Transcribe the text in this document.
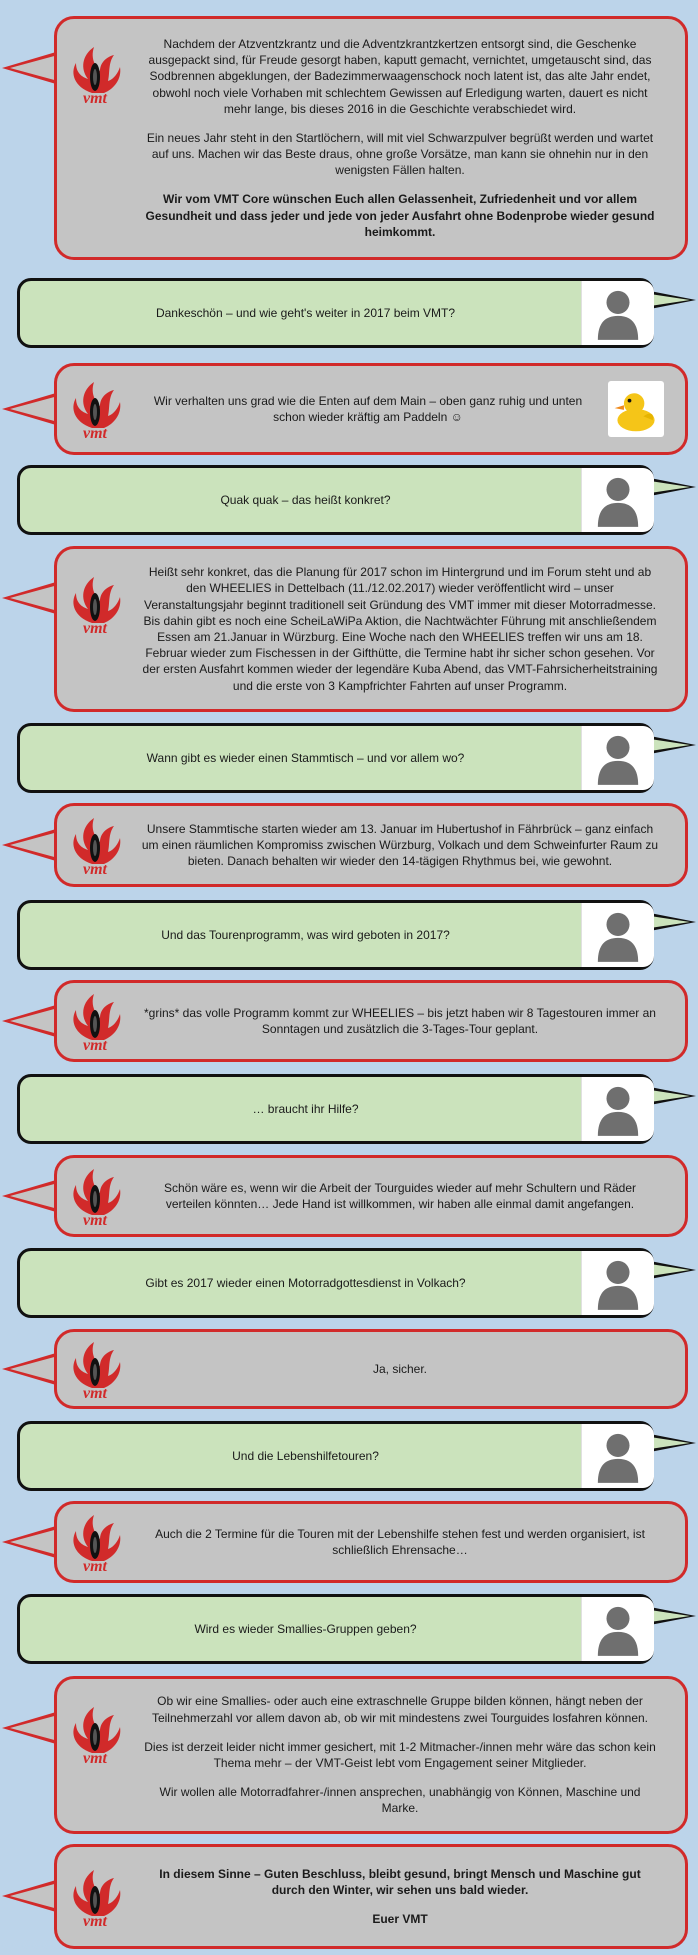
Nachdem der Atzventzkrantz und die Adventzkrantzkertzen entsorgt sind, die Geschenke ausgepackt sind, für Freude gesorgt haben, kaputt gemacht, vernichtet, umgetauscht sind, das Sodbrennen abgeklungen, der Badezimmerwaagenschock noch latent ist, das alte Jahr endet, obwohl noch viele Vorhaben mit schlechtem Gewissen auf Erledigung warten, dauert es nicht mehr lange, bis dieses 2016 in die Geschichte verabschiedet wird.

Ein neues Jahr steht in den Startlöchern, will mit viel Schwarzpulver begrüßt werden und wartet auf uns. Machen wir das Beste draus, ohne große Vorsätze, man kann sie ohnehin nur in den wenigsten Fällen halten.

Wir vom VMT Core wünschen Euch allen Gelassenheit, Zufriedenheit und vor allem Gesundheit und dass jeder und jede von jeder Ausfahrt ohne Bodenprobe wieder gesund heimkommt.

vmt

Dankeschön – und wie geht's weiter in 2017 beim VMT?

Wir verhalten uns grad wie die Enten auf dem Main – oben ganz ruhig und unten schon wieder kräftig am Paddeln ☺

vmt

Quak quak – das heißt konkret?

Heißt sehr konkret, das die Planung für 2017 schon im Hintergrund und im Forum steht und ab den WHEELIES in Dettelbach (11./12.02.2017) wieder veröffentlicht wird – unser Veranstaltungsjahr beginnt traditionell seit Gründung des VMT immer mit dieser Motorradmesse. Bis dahin gibt es noch eine ScheiLaWiPa Aktion, die Nachtwächter Führung mit anschließendem Essen am 21.Januar in Würzburg. Eine Woche nach den WHEELIES treffen wir uns am 18. Februar wieder zum Fischessen in der Gifthütte, die Termine habt ihr sicher schon gesehen. Vor der ersten Ausfahrt kommen wieder der legendäre Kuba Abend, das VMT-Fahrsicherheitstraining und die erste von 3 Kampfrichter Fahrten auf unser Programm.

vmt

Wann gibt es wieder einen Stammtisch – und vor allem wo?

Unsere Stammtische starten wieder am 13. Januar im Hubertushof in Fährbrück – ganz einfach um einen räumlichen Kompromiss zwischen Würzburg, Volkach und dem Schweinfurter Raum zu bieten. Danach behalten wir wieder den 14-tägigen Rhythmus bei, wie gewohnt.

vmt

Und das Tourenprogramm, was wird geboten in 2017?

*grins* das volle Programm kommt zur WHEELIES – bis jetzt haben wir 8 Tagestouren immer an Sonntagen und zusätzlich die 3-Tages-Tour geplant.

vmt

… braucht ihr Hilfe?

Schön wäre es, wenn wir die Arbeit der Tourguides wieder auf mehr Schultern und Räder verteilen könnten… Jede Hand ist willkommen, wir haben alle einmal damit angefangen.

vmt

Gibt es 2017 wieder einen Motorradgottesdienst in Volkach?

Ja, sicher.

vmt

Und die Lebenshilfetouren?

Auch die 2 Termine für die Touren mit der Lebenshilfe stehen fest und werden organisiert, ist schließlich Ehrensache…

vmt

Wird es wieder Smallies-Gruppen geben?

Ob wir eine Smallies- oder auch eine extraschnelle Gruppe bilden können, hängt neben der Teilnehmerzahl vor allem davon ab, ob wir mit mindestens zwei Tourguides losfahren können.

Dies ist derzeit leider nicht immer gesichert, mit 1-2 Mitmacher-/innen mehr wäre das schon kein Thema mehr – der VMT-Geist lebt vom Engagement seiner Mitglieder.

Wir wollen alle Motorradfahrer-/innen ansprechen, unabhängig von Können, Maschine und Marke.

vmt

In diesem Sinne – Guten Beschluss, bleibt gesund, bringt Mensch und Maschine gut durch den Winter, wir sehen uns bald wieder.

Euer VMT

vmt
